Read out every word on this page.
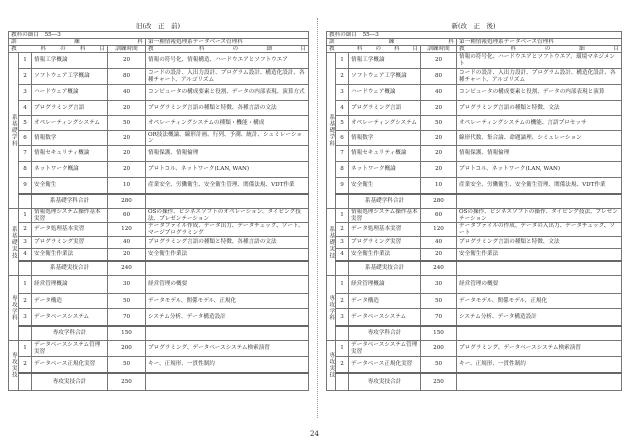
旧(改　正　前)	新(改　正　後)
教科の細目　55―3				
訓　　　　練　　　　科				第一種情報処理系データベース管理科
教　　科　の　科　目			訓練時間	教　　科　の　細　目
系基礎学科	1	情報工学概論	20	情報の符号化、情報構造、ハードウエアとソフトウエア
	2	ソフトウェア工学概論	80	コードの設計、入出力設計、プログラム設計、構造化設計、各種チャート、アルゴリズム
	3	ハードウェア概論	40	コンピュータの構成要素と役割、データの内部表現、演算方式
	4	プログラミング言語	20	プログラミング言語の種類と特徴、各種言語の文法
	5	オペレーティングシステム	50	オペレーティングシステムの種類・機能・構成
	6	情報数学	20	OR技法概論、線形計画、行列、予測、統計、シュミレーション
	7	情報セキュリティ概論	20	情報保護、情報倫理
	8	ネットワーク概論	20	プロトコル、ネットワーク(LAN, WAN)
	9	安全衛生	10	産業安全、労働衛生、安全衛生管理、関係法規、VDT作業
		系基礎学科合計	280	
系基礎実技	1	情報処理システム操作基本実習	60	OSの操作、ビジネスソフトのオペレーション、タイピング技法、プレゼンテーション
	2	データ処理基本実習	120	データファイル作成、データ出力、データチェック、ソート、マージプログラミング
	3	プログラミング実習	40	プログラミング言語の種類と特徴、各種言語の文法
	4	安全衛生作業法	20	安全衛生作業法
		系基礎実技合計	240	
専攻学科	1	経営管理概論	30	経営管理の概要
	2	データ構造	50	データモデル、関係モデル、正規化
	3	データベースシステム	70	システム分析、データ構造設計
		専攻学科合計	150	
専攻実技	1	データベースシステム管理実習	200	プログラミング、データベースシステム検索演習
	2	データベース正規化実習	50	キー、正規形、一貫性制約
		専攻実技合計	250	
教科の細目　55―3				
訓　　　　練　　　　科				第一種情報処理系データベース管理科
教　　科　の　科　目			訓練時間	教　　科　の　細　目
系基礎学科	1	情報工学概論	20	情報の符号化、ハードウエアとソフトウエア、環境マネジメント
	2	ソフトウェア工学概論	80	コードの設計、入出力設計、プログラム設計、構造化設計、各種チャート、アルゴリズム
	3	ハードウェア概論	40	コンピュータの構成要素と役割、データの内部表現と演算
	4	プログラミング言語	20	プログラミング言語の種類と特徴、文法
	5	オペレーティングシステム	50	オペレーティングシステムの機能、言語プロセッサ
	6	情報数学	20	線形代数、集合論、命題論理、シミュレーション
	7	情報セキュリティ概論	20	情報保護、情報倫理
	8	ネットワーク概論	20	プロトコル、ネットワーク(LAN, WAN)
	9	安全衛生	10	産業安全、労働衛生、安全衛生管理、関係法規、VDT作業
		系基礎学科合計	280	
系基礎実技	1	情報処理システム操作基本実習	60	OSの操作、ビジネスソフトの操作、タイピング技法、プレゼンテーション
	2	データ処理基本実習	120	データファイルの作成、データの入出力、データチェック、ソート
	3	プログラミング実習	40	プログラミング言語の種類と特徴、文法
	4	安全衛生作業法	20	安全衛生作業法
		系基礎実技合計	240	
専攻学科	1	経営管理概論	30	経営管理の概要
	2	データ構造	50	データモデル、関係モデル、正規化
	3	データベースシステム	70	システム分析、データ構造設計
		専攻学科合計	150	
専攻実技	1	データベースシステム管理実習	200	プログラミング、データベースシステム検索演習
	2	データベース正規化実習	50	キー、正規形、一貫性制約
		専攻実技合計	250	
24
